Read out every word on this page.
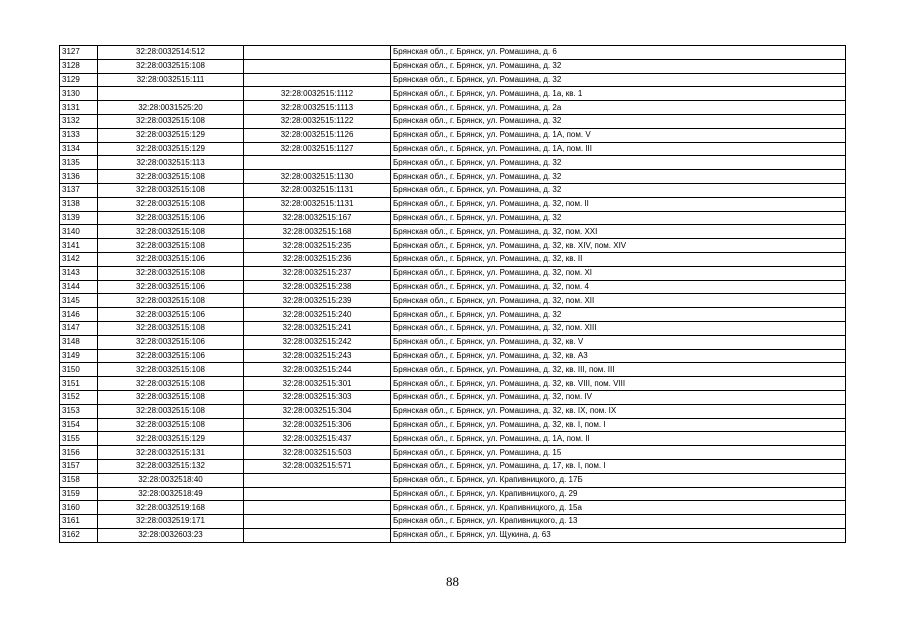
3127	32:28:0032514:512		Брянская обл., г. Брянск, ул. Ромашина, д. 6
3128	32:28:0032515:108		Брянская обл., г. Брянск, ул. Ромашина, д. 32
3129	32:28:0032515:111		Брянская обл., г. Брянск, ул. Ромашина, д. 32
3130		32:28:0032515:1112	Брянская обл., г. Брянск, ул. Ромашина, д. 1а, кв. 1
3131	32:28:0031525:20	32:28:0032515:1113	Брянская обл., г. Брянск, ул. Ромашина, д. 2а
3132	32:28:0032515:108	32:28:0032515:1122	Брянская обл., г. Брянск, ул. Ромашина, д. 32
3133	32:28:0032515:129	32:28:0032515:1126	Брянская обл., г. Брянск, ул. Ромашина, д. 1А, пом. V
3134	32:28:0032515:129	32:28:0032515:1127	Брянская обл., г. Брянск, ул. Ромашина, д. 1А, пом. III
3135	32:28:0032515:113		Брянская обл., г. Брянск, ул. Ромашина, д. 32
3136	32:28:0032515:108	32:28:0032515:1130	Брянская обл., г. Брянск, ул. Ромашина, д. 32
3137	32:28:0032515:108	32:28:0032515:1131	Брянская обл., г. Брянск, ул. Ромашина, д. 32
3138	32:28:0032515:108	32:28:0032515:1131	Брянская обл., г. Брянск, ул. Ромашина, д. 32, пом. II
3139	32:28:0032515:106	32:28:0032515:167	Брянская обл., г. Брянск, ул. Ромашина, д. 32
3140	32:28:0032515:108	32:28:0032515:168	Брянская обл., г. Брянск, ул. Ромашина, д. 32, пом. XXI
3141	32:28:0032515:108	32:28:0032515:235	Брянская обл., г. Брянск, ул. Ромашина, д. 32, кв. XIV, пом. XIV
3142	32:28:0032515:106	32:28:0032515:236	Брянская обл., г. Брянск, ул. Ромашина, д. 32, кв. II
3143	32:28:0032515:108	32:28:0032515:237	Брянская обл., г. Брянск, ул. Ромашина, д. 32, пом. XI
3144	32:28:0032515:106	32:28:0032515:238	Брянская обл., г. Брянск, ул. Ромашина, д. 32, пом. 4
3145	32:28:0032515:108	32:28:0032515:239	Брянская обл., г. Брянск, ул. Ромашина, д. 32, пом. XII
3146	32:28:0032515:106	32:28:0032515:240	Брянская обл., г. Брянск, ул. Ромашина, д. 32
3147	32:28:0032515:108	32:28:0032515:241	Брянская обл., г. Брянск, ул. Ромашина, д. 32, пом. XIII
3148	32:28:0032515:106	32:28:0032515:242	Брянская обл., г. Брянск, ул. Ромашина, д. 32, кв. V
3149	32:28:0032515:106	32:28:0032515:243	Брянская обл., г. Брянск, ул. Ромашина, д. 32, кв. А3
3150	32:28:0032515:108	32:28:0032515:244	Брянская обл., г. Брянск, ул. Ромашина, д. 32, кв. III, пом. III
3151	32:28:0032515:108	32:28:0032515:301	Брянская обл., г. Брянск, ул. Ромашина, д. 32, кв. VIII, пом. VIII
3152	32:28:0032515:108	32:28:0032515:303	Брянская обл., г. Брянск, ул. Ромашина, д. 32, пом. IV
3153	32:28:0032515:108	32:28:0032515:304	Брянская обл., г. Брянск, ул. Ромашина, д. 32, кв. IX, пом. IX
3154	32:28:0032515:108	32:28:0032515:306	Брянская обл., г. Брянск, ул. Ромашина, д. 32, кв. I, пом. I
3155	32:28:0032515:129	32:28:0032515:437	Брянская обл., г. Брянск, ул. Ромашина, д. 1А, пом. II
3156	32:28:0032515:131	32:28:0032515:503	Брянская обл., г. Брянск, ул. Ромашина, д. 15
3157	32:28:0032515:132	32:28:0032515:571	Брянская обл., г. Брянск, ул. Ромашина, д. 17, кв. I, пом. I
3158	32:28:0032518:40		Брянская обл., г. Брянск, ул. Крапивницкого, д. 17Б
3159	32:28:0032518:49		Брянская обл., г. Брянск, ул. Крапивницкого, д. 29
3160	32:28:0032519:168		Брянская обл., г. Брянск, ул. Крапивницкого, д. 15а
3161	32:28:0032519:171		Брянская обл., г. Брянск, ул. Крапивницкого, д. 13
3162	32:28:0032603:23		Брянская обл., г. Брянск, ул. Щукина, д. 63
88
